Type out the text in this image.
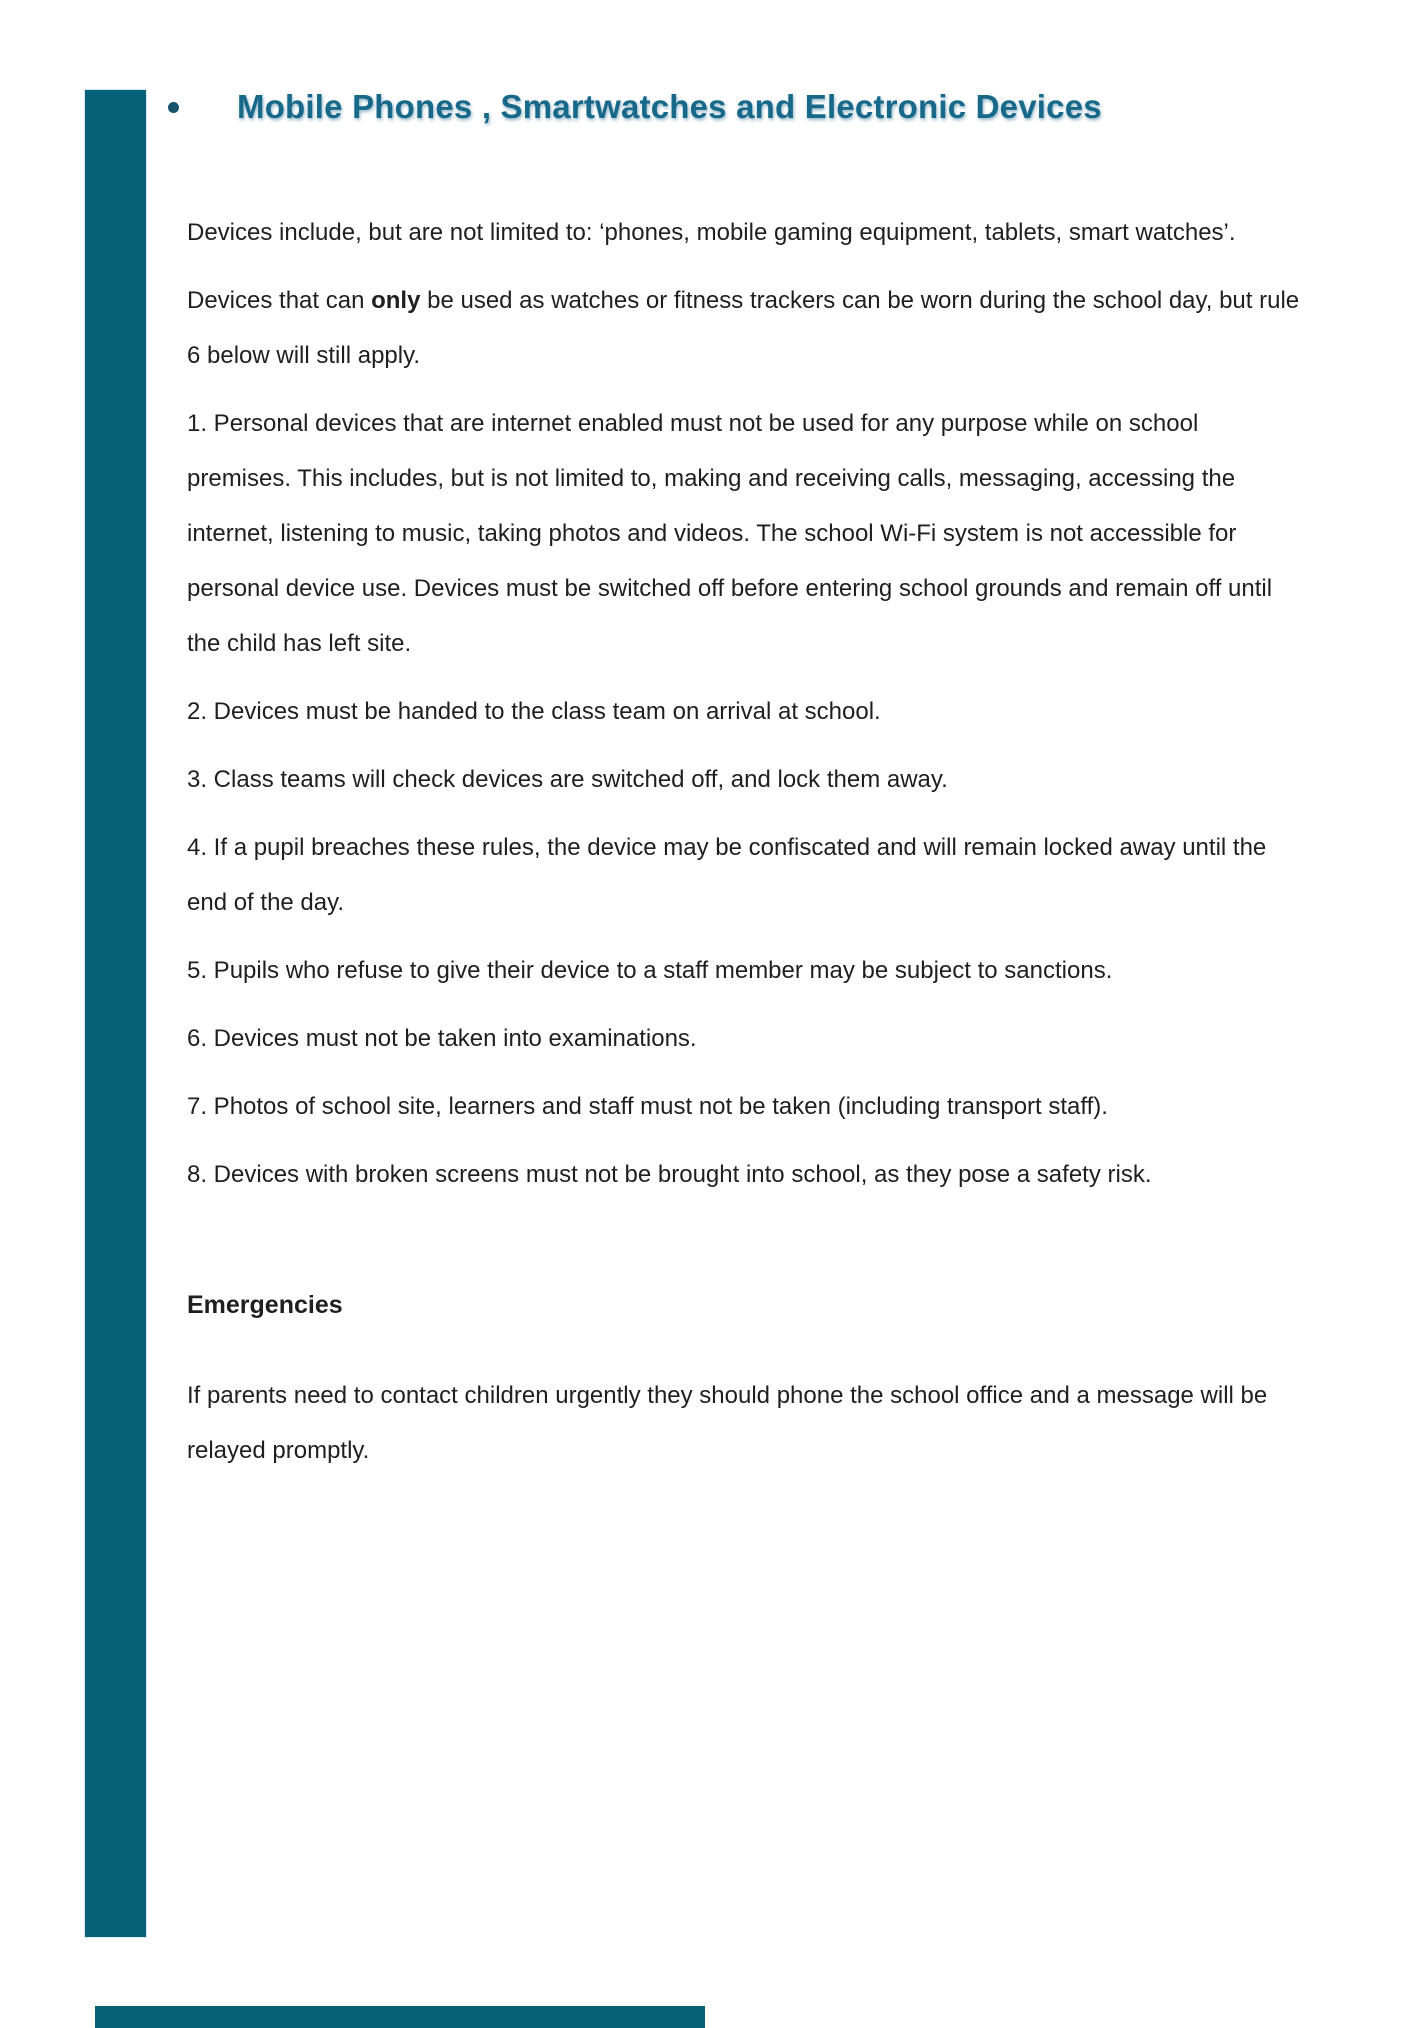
Mobile Phones , Smartwatches and Electronic Devices

Devices include, but are not limited to: ‘phones, mobile gaming equipment, tablets, smart watches’.

Devices that can only be used as watches or fitness trackers can be worn during the school day, but rule 6 below will still apply.

1. Personal devices that are internet enabled must not be used for any purpose while on school premises. This includes, but is not limited to, making and receiving calls, messaging, accessing the internet, listening to music, taking photos and videos. The school Wi-Fi system is not accessible for personal device use. Devices must be switched off before entering school grounds and remain off until the child has left site.

2. Devices must be handed to the class team on arrival at school.

3. Class teams will check devices are switched off, and lock them away.

4. If a pupil breaches these rules, the device may be confiscated and will remain locked away until the end of the day.

5. Pupils who refuse to give their device to a staff member may be subject to sanctions.

6. Devices must not be taken into examinations.

7. Photos of school site, learners and staff must not be taken (including transport staff).

8. Devices with broken screens must not be brought into school, as they pose a safety risk.

Emergencies

If parents need to contact children urgently they should phone the school office and a message will be relayed promptly.
